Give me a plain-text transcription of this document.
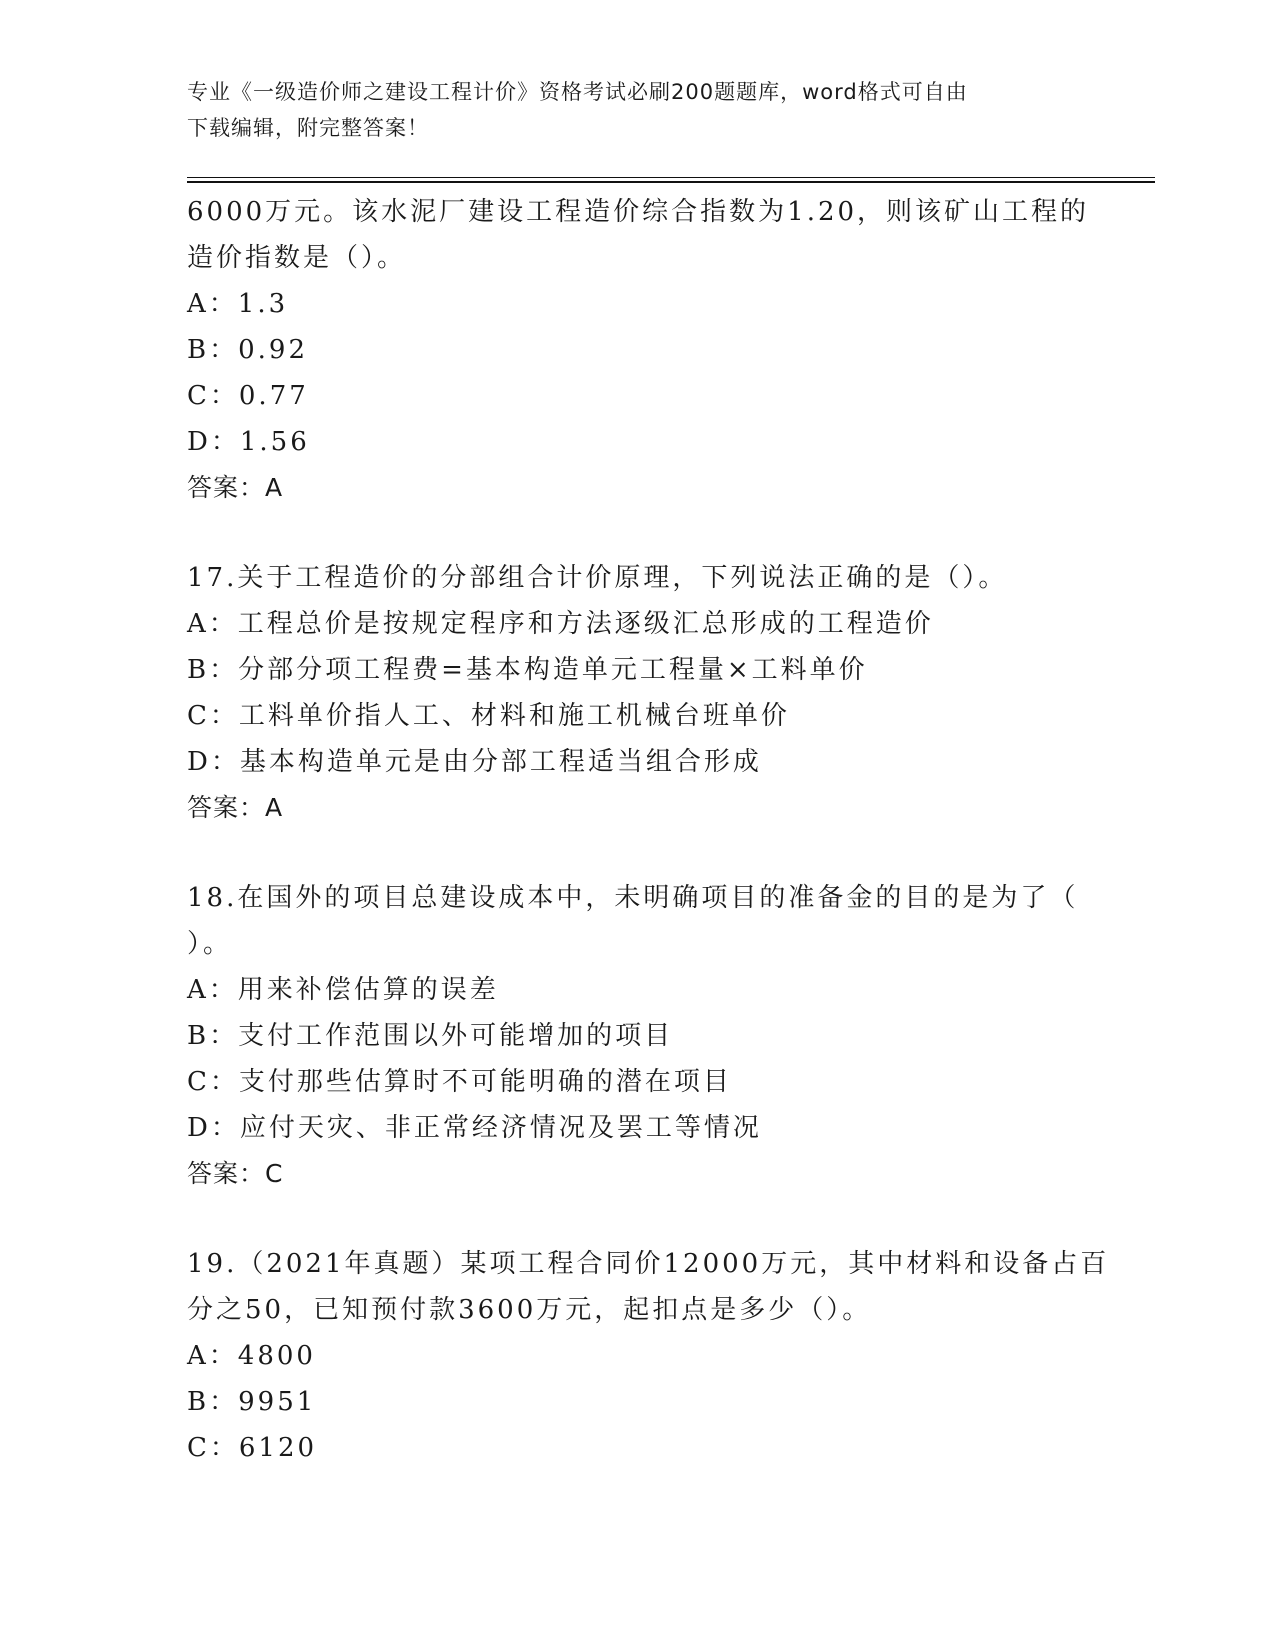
专业《一级造价师之建设工程计价》资格考试必刷200题题库，word格式可自由
下载编辑，附完整答案！
6000万元。该水泥厂建设工程造价综合指数为1.20，则该矿山工程的
造价指数是（）。
A：1.3
B：0.92
C：0.77
D：1.56
答案：A
17.关于工程造价的分部组合计价原理，下列说法正确的是（）。
A：工程总价是按规定程序和方法逐级汇总形成的工程造价
B：分部分项工程费=基本构造单元工程量×工料单价
C：工料单价指人工、材料和施工机械台班单价
D：基本构造单元是由分部工程适当组合形成
答案：A
18.在国外的项目总建设成本中，未明确项目的准备金的目的是为了（
）。
A：用来补偿估算的误差
B：支付工作范围以外可能增加的项目
C：支付那些估算时不可能明确的潜在项目
D：应付天灾、非正常经济情况及罢工等情况
答案：C
19.（2021年真题）某项工程合同价12000万元，其中材料和设备占百
分之50，已知预付款3600万元，起扣点是多少（）。
A：4800
B：9951
C：6120
